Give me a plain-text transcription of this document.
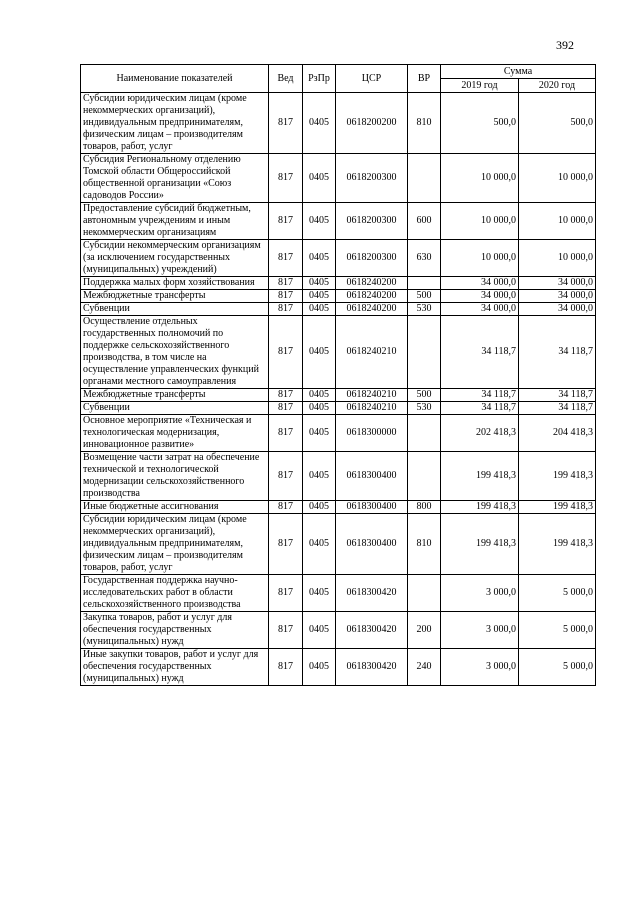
392
Наименование показателей	Вед	РзПр	ЦСР	ВР	Сумма	
					2019 год	2020 год
Субсидии юридическим лицам (кроме некоммерческих организаций), индивидуальным предпринимателям, физическим лицам – производителям товаров, работ, услуг	817	0405	0618200200	810	500,0	500,0
Субсидия Региональному отделению Томской области Общероссийской общественной организации «Союз садоводов России»	817	0405	0618200300		10 000,0	10 000,0
Предоставление субсидий бюджетным, автономным учреждениям и иным некоммерческим организациям	817	0405	0618200300	600	10 000,0	10 000,0
Субсидии некоммерческим организациям (за исключением государственных (муниципальных) учреждений)	817	0405	0618200300	630	10 000,0	10 000,0
Поддержка малых форм хозяйствования	817	0405	0618240200		34 000,0	34 000,0
Межбюджетные трансферты	817	0405	0618240200	500	34 000,0	34 000,0
Субвенции	817	0405	0618240200	530	34 000,0	34 000,0
Осуществление отдельных государственных полномочий по поддержке сельскохозяйственного производства, в том числе на осуществление управленческих функций органами местного самоуправления	817	0405	0618240210		34 118,7	34 118,7
Межбюджетные трансферты	817	0405	0618240210	500	34 118,7	34 118,7
Субвенции	817	0405	0618240210	530	34 118,7	34 118,7
Основное мероприятие «Техническая и технологическая модернизация, инновационное развитие»	817	0405	0618300000		202 418,3	204 418,3
Возмещение части затрат на обеспечение технической и технологической модернизации сельскохозяйственного производства	817	0405	0618300400		199 418,3	199 418,3
Иные бюджетные ассигнования	817	0405	0618300400	800	199 418,3	199 418,3
Субсидии юридическим лицам (кроме некоммерческих организаций), индивидуальным предпринимателям, физическим лицам – производителям товаров, работ, услуг	817	0405	0618300400	810	199 418,3	199 418,3
Государственная поддержка научно-исследовательских работ в области сельскохозяйственного производства	817	0405	0618300420		3 000,0	5 000,0
Закупка товаров, работ и услуг для обеспечения государственных (муниципальных) нужд	817	0405	0618300420	200	3 000,0	5 000,0
Иные закупки товаров, работ и услуг для обеспечения государственных (муниципальных) нужд	817	0405	0618300420	240	3 000,0	5 000,0
